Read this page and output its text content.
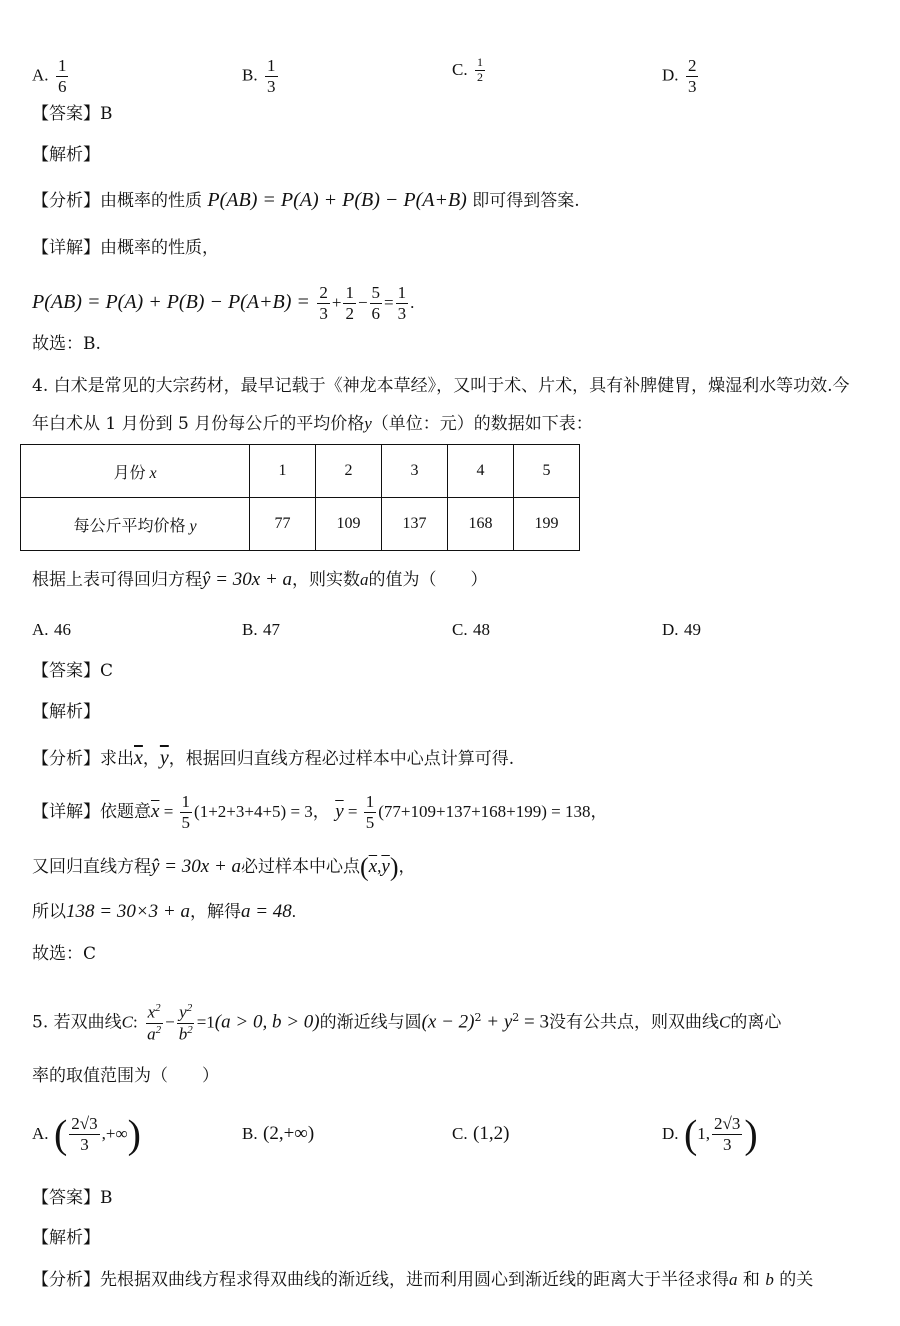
A. $\frac{1}{6}$	B. $\frac{1}{3}$	C. $\frac{1}{2}$	D. $\frac{2}{3}$
【答案】B
【解析】
【分析】由概率的性质 P(AB) = P(A) + P(B) − P(A+B) 即可得到答案.
【详解】由概率的性质，
$P(AB) = P(A) + P(B) - P(A+B) = \frac{2}{3} + \frac{1}{2} - \frac{5}{6} = \frac{1}{3}$ .
故选：B.
4. 白术是常见的大宗药材，最早记载于《神龙本草经》，又叫于术、片术，具有补脾健胃，燥湿利水等功效.今
年白术从 1 月份到 5 月份每公斤的平均价格y（单位：元）的数据如下表：
月份 x	1	2	3	4	5
每公斤平均价格 y	77	109	137	168	199
根据上表可得回归方程ŷ = 30x + a，则实数a的值为（　　）
A. 46	B. 47	C. 48	D. 49
【答案】C
【解析】
【分析】求出$\overline{x}$，$\overline{y}$，根据回归直线方程必过样本中心点计算可得.
【详解】依题意$\overline{x} = \frac{1}{5} (1+2+3+4+5) = 3$， $\overline{y} = \frac{1}{5} (77+109+137+168+199) = 138$，
又回归直线方程ŷ = 30x + a必过样本中心点$(\overline{x},\overline{y})$，
所以138 = 30×3 + a，解得a = 48.
故选：C
5. 若双曲线C: $\frac{x^2}{a^2} - \frac{y^2}{b^2} =1(a > 0$, b > 0)的渐近线与圆$(x - 2)^2 + y^2 = 3$没有公共点，则双曲线C的离心
率的取值范围为（　　）
A. ( $\frac{2√3}{3}$ ,+∞)	B. (2,+∞)	C. (1,2)	D. (1, $\frac{2√3}{3}$ )
【答案】B
【解析】
【分析】先根据双曲线方程求得双曲线的渐近线，进而利用圆心到渐近线的距离大于半径求得a 和 b 的关
